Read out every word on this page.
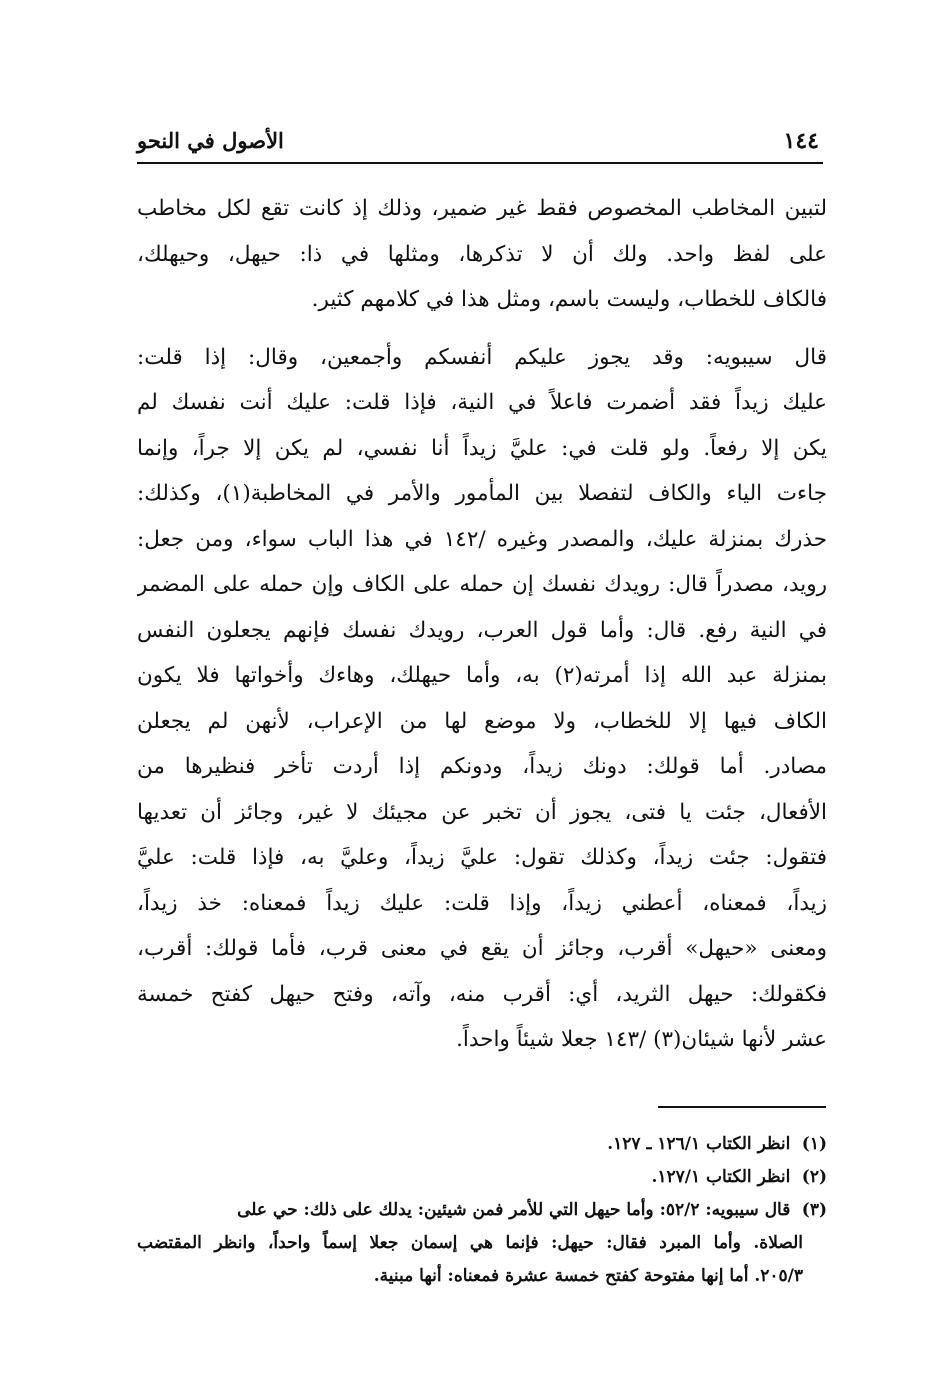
١٤٤
الأصول في النحو
لتبين المخاطب المخصوص فقط غير ضمير، وذلك إذ كانت تقع لكل مخاطب
على لفظ واحد. ولك أن لا تذكرها، ومثلها في ذا: حيهل، وحيهلك،
فالكاف للخطاب، وليست باسم، ومثل هذا في كلامهم كثير.
قال سيبويه: وقد يجوز عليكم أنفسكم وأجمعين، وقال: إذا قلت:
عليك زيداً فقد أضمرت فاعلاً في النية، فإذا قلت: عليك أنت نفسك لم
يكن إلا رفعاً. ولو قلت في: عليَّ زيداً أنا نفسي، لم يكن إلا جراً، وإنما
جاءت الياء والكاف لتفصلا بين المأمور والأمر في المخاطبة(١)، وكذلك:
حذرك بمنزلة عليك، والمصدر وغيره /١٤٢ في هذا الباب سواء، ومن جعل:
رويد، مصدراً قال: رويدك نفسك إن حمله على الكاف وإن حمله على المضمر
في النية رفع. قال: وأما قول العرب، رويدك نفسك فإنهم يجعلون النفس
بمنزلة عبد الله إذا أمرته(٢) به، وأما حيهلك، وهاءك وأخواتها فلا يكون
الكاف فيها إلا للخطاب، ولا موضع لها من الإعراب، لأنهن لم يجعلن
مصادر. أما قولك: دونك زيداً، ودونكم إذا أردت تأخر فنظيرها من
الأفعال، جئت يا فتى، يجوز أن تخبر عن مجيئك لا غير، وجائز أن تعديها
فتقول: جئت زيداً، وكذلك تقول: عليَّ زيداً، وعليَّ به، فإذا قلت: عليَّ
زيداً، فمعناه، أعطني زيداً، وإذا قلت: عليك زيداً فمعناه: خذ زيداً،
ومعنى «حيهل» أقرب، وجائز أن يقع في معنى قرب، فأما قولك: أقرب،
فكقولك: حيهل الثريد، أي: أقرب منه، وآته، وفتح حيهل كفتح خمسة
عشر لأنها شيئان(٣) /١٤٣ جعلا شيئاً واحداً.
(١) انظر الكتاب ١٢٦/١ ـ ١٢٧.
(٢) انظر الكتاب ١٢٧/١.
(٣) قال سيبويه: ٥٢/٢: وأما حيهل التي للأمر فمن شيئين: يدلك على ذلك: حي على
الصلاة. وأما المبرد فقال: حيهل: فإنما هي إسمان جعلا إسماً واحداً، وانظر المقتضب
٢٠٥/٣. أما إنها مفتوحة كفتح خمسة عشرة فمعناه: أنها مبنية.
